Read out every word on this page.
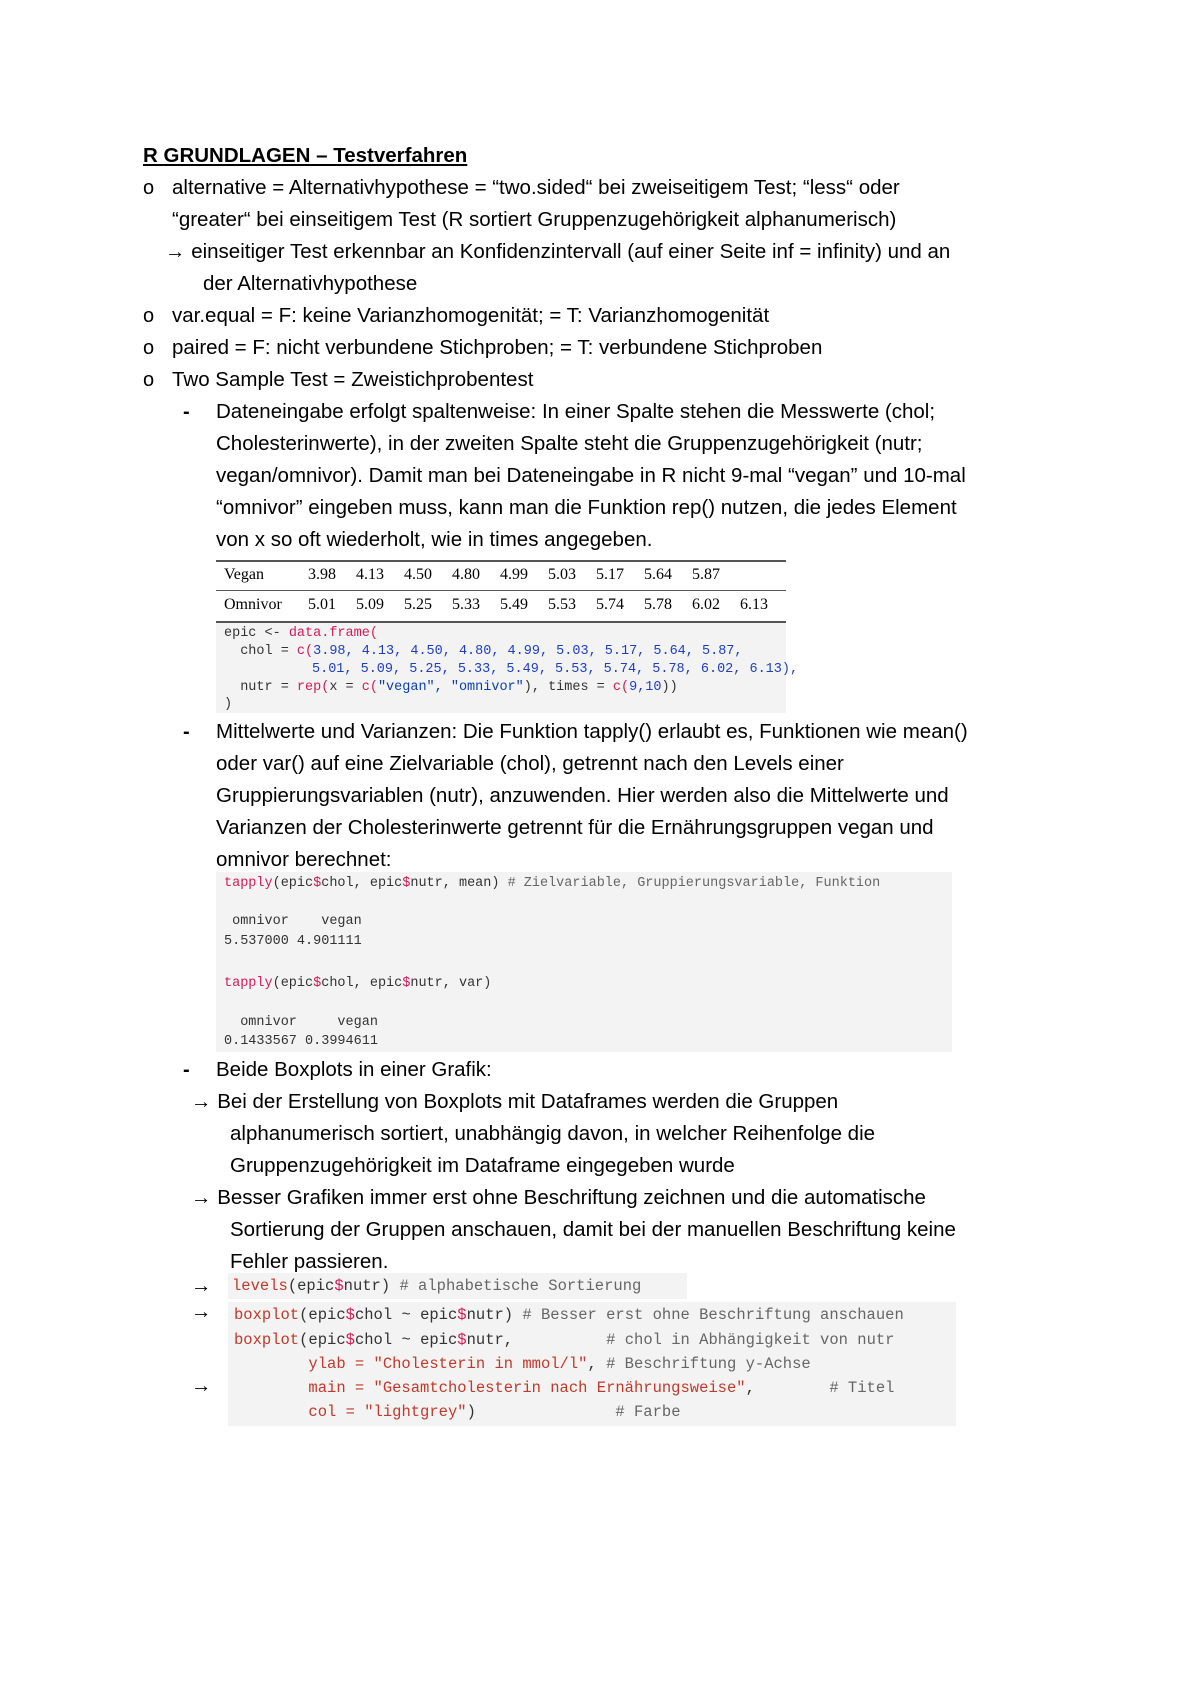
R GRUNDLAGEN – Testverfahren
o alternative = Alternativhypothese = “two.sided“ bei zweiseitigem Test; “less“ oder
“greater“ bei einseitigem Test (R sortiert Gruppenzugehörigkeit alphanumerisch)
→ einseitiger Test erkennbar an Konfidenzintervall (auf einer Seite inf = infinity) und an
der Alternativhypothese
o var.equal = F: keine Varianzhomogenität; = T: Varianzhomogenität
o paired = F: nicht verbundene Stichproben; = T: verbundene Stichproben
o Two Sample Test = Zweistichprobentest
- Dateneingabe erfolgt spaltenweise: In einer Spalte stehen die Messwerte (chol;
Cholesterinwerte), in der zweiten Spalte steht die Gruppenzugehörigkeit (nutr;
vegan/omnivor). Damit man bei Dateneingabe in R nicht 9-mal “vegan” und 10-mal
“omnivor” eingeben muss, kann man die Funktion rep() nutzen, die jedes Element
von x so oft wiederholt, wie in times angegeben.
Vegan	3.98 4.13 4.50 4.80 4.99 5.03 5.17 5.64 5.87
Omnivor 5.01 5.09 5.25 5.33 5.49 5.53 5.74 5.78 6.02 6.13

epic <- data.frame(

chol = c(3.98, 4.13, 4.50, 4.80, 4.99, 5.03, 5.17, 5.64, 5.87,

5.01, 5.09, 5.25, 5.33, 5.49, 5.53, 5.74, 5.78, 6.02, 6.13),

nutr = rep(x = c("vegan", "omnivor"), times = c(9,10))

)

- Mittelwerte und Varianzen: Die Funktion tapply() erlaubt es, Funktionen wie mean()
oder var() auf eine Zielvariable (chol), getrennt nach den Levels einer
Gruppierungsvariablen (nutr), anzuwenden. Hier werden also die Mittelwerte und
Varianzen der Cholesterinwerte getrennt für die Ernährungsgruppen vegan und
omnivor berechnet:

tapply(epic$chol, epic$nutr, mean) # Zielvariable, Gruppierungsvariable, Funktion

omnivor    vegan

5.537000 4.901111

tapply(epic$chol, epic$nutr, var)

omnivor     vegan

0.1433567 0.3994611

- Beide Boxplots in einer Grafik:
→ Bei der Erstellung von Boxplots mit Dataframes werden die Gruppen
alphanumerisch sortiert, unabhängig davon, in welcher Reihenfolge die
Gruppenzugehörigkeit im Dataframe eingegeben wurde
→ Besser Grafiken immer erst ohne Beschriftung zeichnen und die automatische
Sortierung der Gruppen anschauen, damit bei der manuellen Beschriftung keine
Fehler passieren.
→
→
→

levels(epic$nutr) # alphabetische Sortierung

boxplot(epic$chol ~ epic$nutr) # Besser erst ohne Beschriftung anschauen

boxplot(epic$chol ~ epic$nutr,          # chol in Abhängigkeit von nutr

ylab = "Cholesterin in mmol/l", # Beschriftung y-Achse

main = "Gesamtcholesterin nach Ernährungsweise",        # Titel

col = "lightgrey")               # Farbe
